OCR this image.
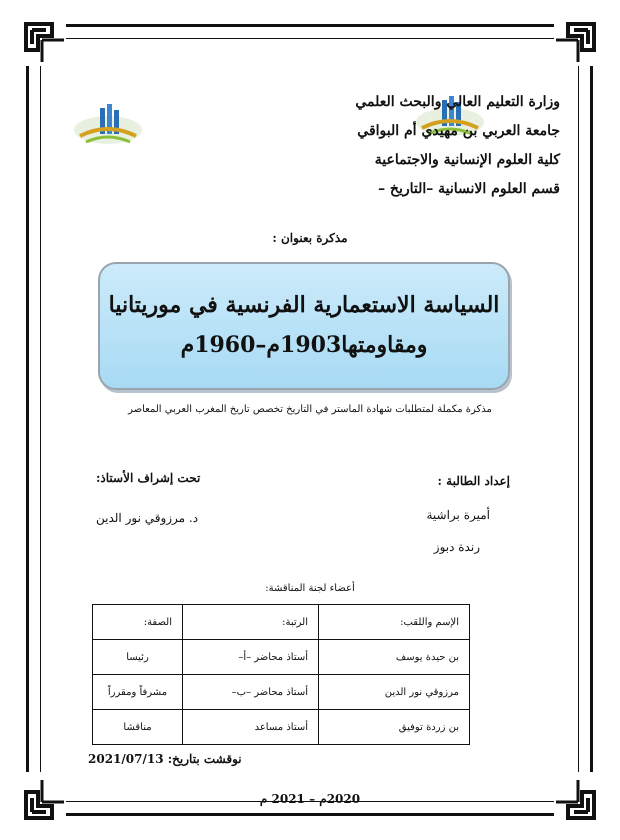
وزارة التعليم العالي والبحث العلمي
جامعة العربي بن مهيدي أم البواقي
كلية العلوم الإنسانية والاجتماعية
قسم العلوم الانسانية –التاريخ –
مذكرة بعنوان :
السياسة الاستعمارية الفرنسية في موريتانيا
ومقاومتها1903م–1960م
مذكرة مكملة لمتطلبات شهادة الماستر في التاريخ تخصص تاريخ المغرب العربي المعاصر
إعداد الطالبة :
أميرة براشية
رندة دبوز
تحت إشراف الأستاذ:
د. مرزوقي نور الدين
أعضاء لجنة المناقشة:
الإسم واللقب:	الرتبة:	الصفة:
بن حيدة يوسف	أستاذ محاضر –أ–	رئيسا
مرزوقي نور الدين	أستاذ محاضر –ب–	مشرفاً ومقرراً
بن زردة توفيق	أستاذ مساعد	مناقشا
نوقشت بتاريخ: 2021/07/13
2020م – 2021 م
